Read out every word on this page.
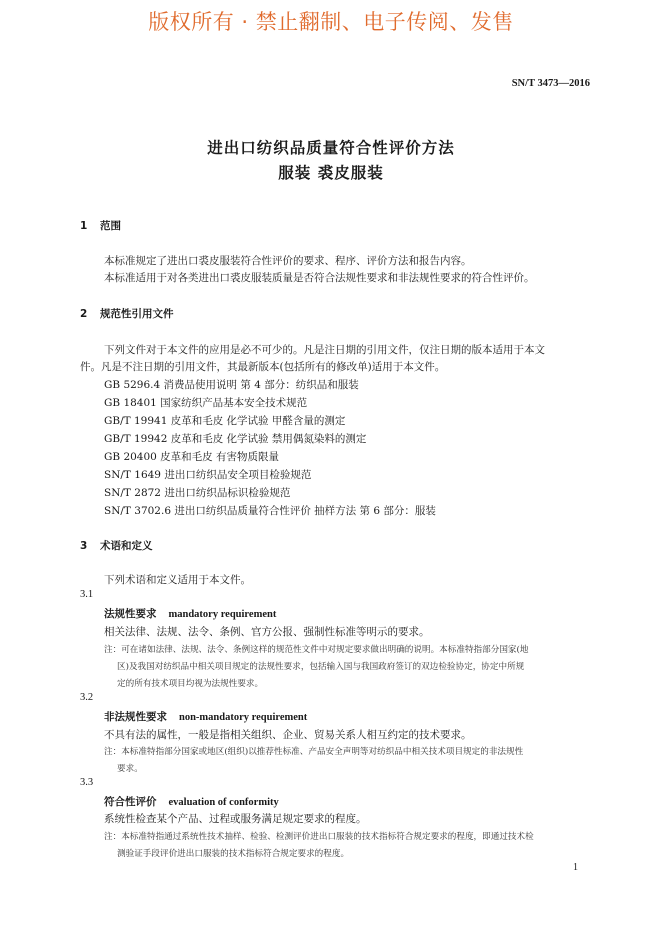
版权所有 · 禁止翻制、电子传阅、发售
SN/T 3473—2016
进出口纺织品质量符合性评价方法
服装 裘皮服装
1 范围
本标准规定了进出口裘皮服装符合性评价的要求、程序、评价方法和报告内容。
本标准适用于对各类进出口裘皮服装质量是否符合法规性要求和非法规性要求的符合性评价。
2 规范性引用文件
下列文件对于本文件的应用是必不可少的。凡是注日期的引用文件，仅注日期的版本适用于本文
件。凡是不注日期的引用文件，其最新版本(包括所有的修改单)适用于本文件。
GB 5296.4 消费品使用说明 第 4 部分：纺织品和服装
GB 18401 国家纺织产品基本安全技术规范
GB/T 19941 皮革和毛皮 化学试验 甲醛含量的测定
GB/T 19942 皮革和毛皮 化学试验 禁用偶氮染料的测定
GB 20400 皮革和毛皮 有害物质限量
SN/T 1649 进出口纺织品安全项目检验规范
SN/T 2872 进出口纺织品标识检验规范
SN/T 3702.6 进出口纺织品质量符合性评价 抽样方法 第 6 部分：服装
3 术语和定义
下列术语和定义适用于本文件。
3.1
法规性要求 mandatory requirement
相关法律、法规、法令、条例、官方公报、强制性标准等明示的要求。
注：可在诸如法律、法规、法令、条例这样的规范性文件中对规定要求做出明确的说明。本标准特指部分国家(地
区)及我国对纺织品中相关项目规定的法规性要求，包括输入国与我国政府签订的双边检验协定，协定中所规
定的所有技术项目均视为法规性要求。
3.2
非法规性要求 non-mandatory requirement
不具有法的属性，一般是指相关组织、企业、贸易关系人相互约定的技术要求。
注：本标准特指部分国家或地区(组织)以推荐性标准、产品安全声明等对纺织品中相关技术项目规定的非法规性
要求。
3.3
符合性评价 evaluation of conformity
系统性检查某个产品、过程或服务满足规定要求的程度。
注：本标准特指通过系统性技术抽样、检验、检测评价进出口服装的技术指标符合规定要求的程度，即通过技术检
测验证手段评价进出口服装的技术指标符合规定要求的程度。
1
